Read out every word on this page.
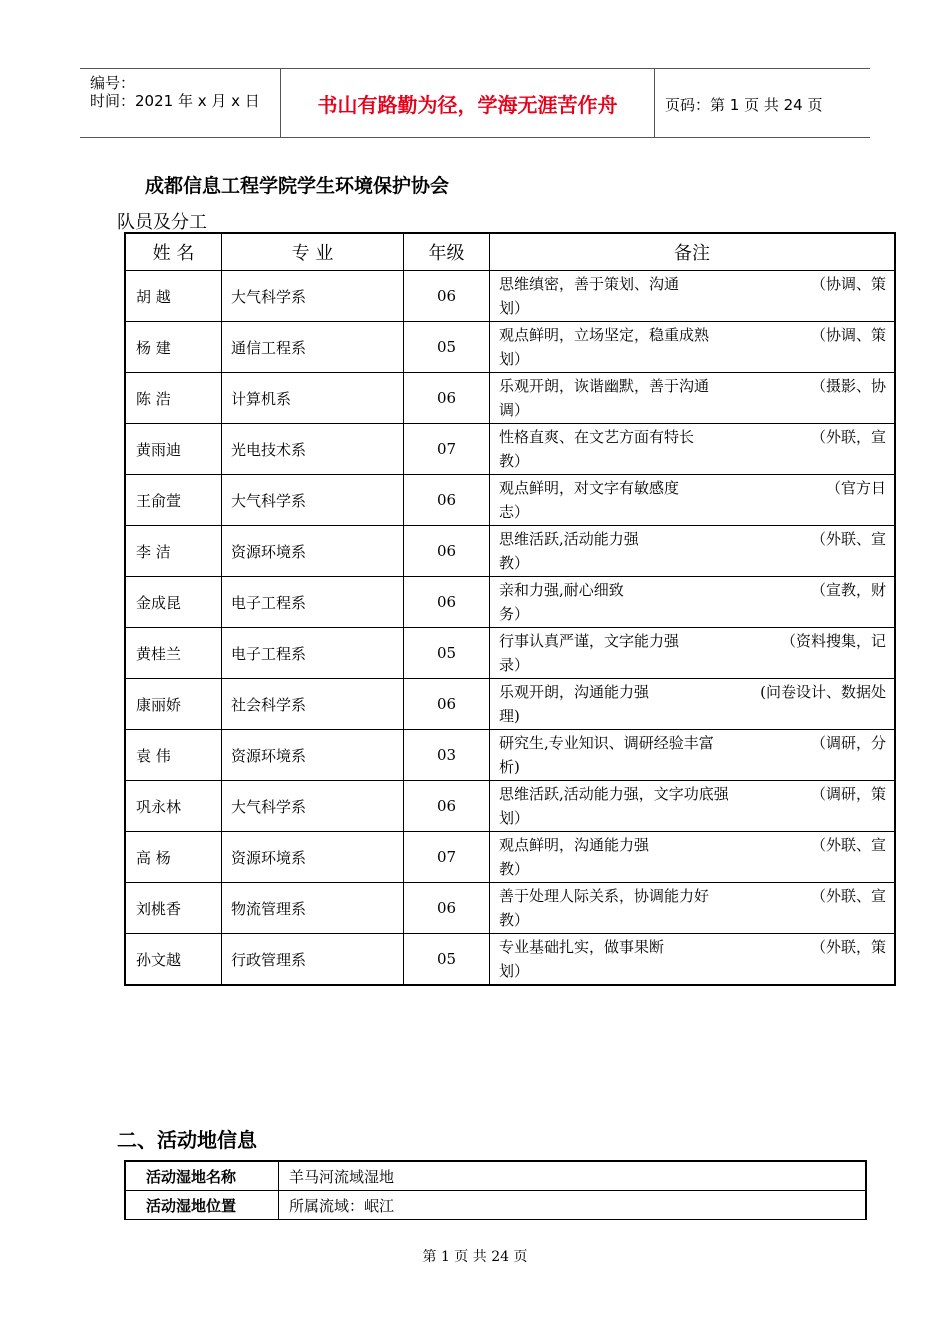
编号：
时间：2021 年 x 月 x 日	书山有路勤为径，学海无涯苦作舟	页码：第 1 页 共 24 页
成都信息工程学院学生环境保护协会
队员及分工
姓 名	专 业	年级	备注
胡 越	大气科学系	06	思维缜密，善于策划、沟通 （协调、策
划）

杨 建	通信工程系	05	观点鲜明，立场坚定，稳重成熟 （协调、策
划）

陈 浩	计算机系	06	乐观开朗，诙谐幽默，善于沟通 （摄影、协
调）

黄雨迪	光电技术系	07	性格直爽、在文艺方面有特长 （外联，宣
教）

王俞萱	大气科学系	06	观点鲜明，对文字有敏感度 （官方日
志）

李 洁	资源环境系	06	思维活跃,活动能力强 （外联、宣
教）

金成昆	电子工程系	06	亲和力强,耐心细致 （宣教，财
务）

黄桂兰	电子工程系	05	行事认真严谨，文字能力强 （资料搜集，记
录）

康丽娇	社会科学系	06	乐观开朗，沟通能力强 (问卷设计、数据处
理)

袁 伟	资源环境系	03	研究生,专业知识、调研经验丰富 （调研，分
析)

巩永林	大气科学系	06	思维活跃,活动能力强，文字功底强 （调研，策
划）

高 杨	资源环境系	07	观点鲜明，沟通能力强 （外联、宣
教）

刘桃香	物流管理系	06	善于处理人际关系，协调能力好 （外联、宣
教）

孙文越	行政管理系	05	专业基础扎实，做事果断 （外联，策
划）
二、活动地信息
活动湿地名称	羊马河流域湿地
活动湿地位置	所属流域：岷江
第 1 页 共 24 页
